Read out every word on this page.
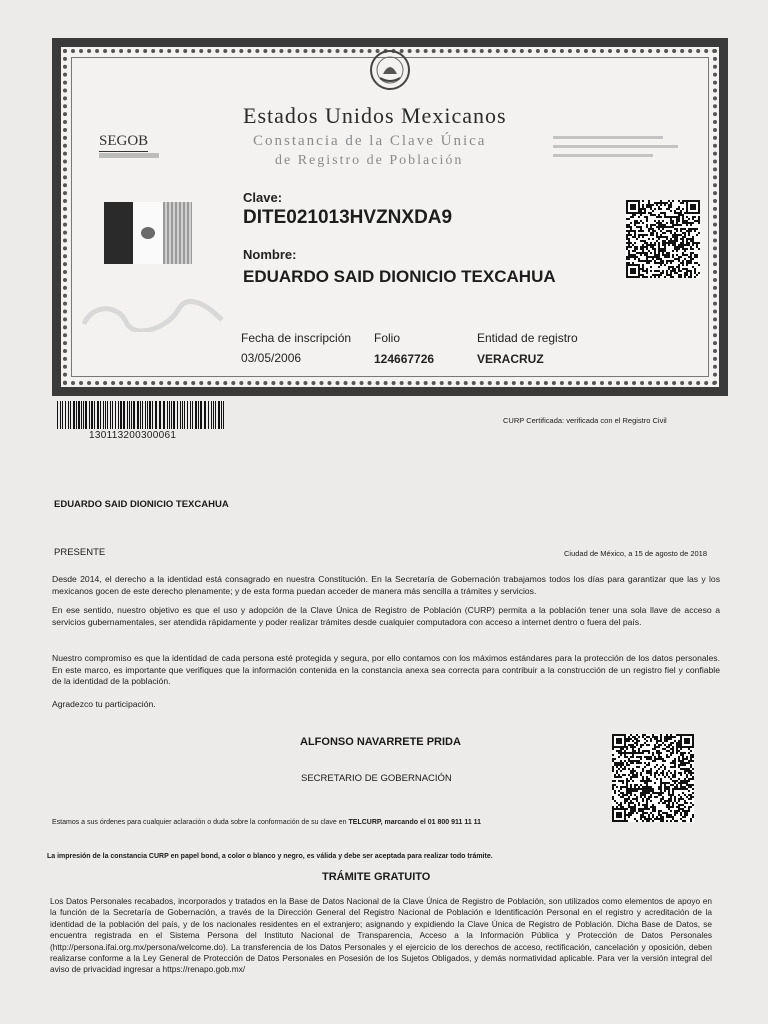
Estados Unidos Mexicanos
Constancia de la Clave Única
de Registro de Población
SEGOB
Clave:
DITE021013HVZNXDA9
Nombre:
EDUARDO SAID DIONICIO TEXCAHUA
Fecha de inscripción
03/05/2006
Folio
124667726
Entidad de registro
VERACRUZ
130113200300061
CURP Certificada: verificada con el Registro Civil
EDUARDO SAID DIONICIO TEXCAHUA
PRESENTE	Ciudad de México, a 15 de agosto de 2018
Desde 2014, el derecho a la identidad está consagrado en nuestra Constitución. En la Secretaría de Gobernación trabajamos todos los días para garantizar que las y los mexicanos gocen de este derecho plenamente; y de esta forma puedan acceder de manera más sencilla a trámites y servicios.
En ese sentido, nuestro objetivo es que el uso y adopción de la Clave Única de Registro de Población (CURP) permita a la población tener una sola llave de acceso a servicios gubernamentales, ser atendida rápidamente y poder realizar trámites desde cualquier computadora con acceso a internet dentro o fuera del país.
Nuestro compromiso es que la identidad de cada persona esté protegida y segura, por ello contamos con los máximos estándares para la protección de los datos personales. En este marco, es importante que verifiques que la información contenida en la constancia anexa sea correcta para contribuir a la construcción de un registro fiel y confiable de la identidad de la población.
Agradezco tu participación.
ALFONSO NAVARRETE PRIDA
SECRETARIO DE GOBERNACIÓN
Estamos a sus órdenes para cualquier aclaración o duda sobre la conformación de su clave en TELCURP, marcando el 01 800 911 11 11
La impresión de la constancia CURP en papel bond, a color o blanco y negro, es válida y debe ser aceptada para realizar todo trámite.
TRÁMITE GRATUITO
Los Datos Personales recabados, incorporados y tratados en la Base de Datos Nacional de la Clave Única de Registro de Población, son utilizados como elementos de apoyo en la función de la Secretaría de Gobernación, a través de la Dirección General del Registro Nacional de Población e Identificación Personal en el registro y acreditación de la identidad de la población del país, y de los nacionales residentes en el extranjero; asignando y expidiendo la Clave Única de Registro de Población. Dicha Base de Datos, se encuentra registrada en el Sistema Persona del Instituto Nacional de Transparencia, Acceso a la Información Pública y Protección de Datos Personales (http://persona.ifai.org.mx/persona/welcome.do). La transferencia de los Datos Personales y el ejercicio de los derechos de acceso, rectificación, cancelación y oposición, deben realizarse conforme a la Ley General de Protección de Datos Personales en Posesión de los Sujetos Obligados, y demás normatividad aplicable. Para ver la versión integral del aviso de privacidad ingresar a https://renapo.gob.mx/
